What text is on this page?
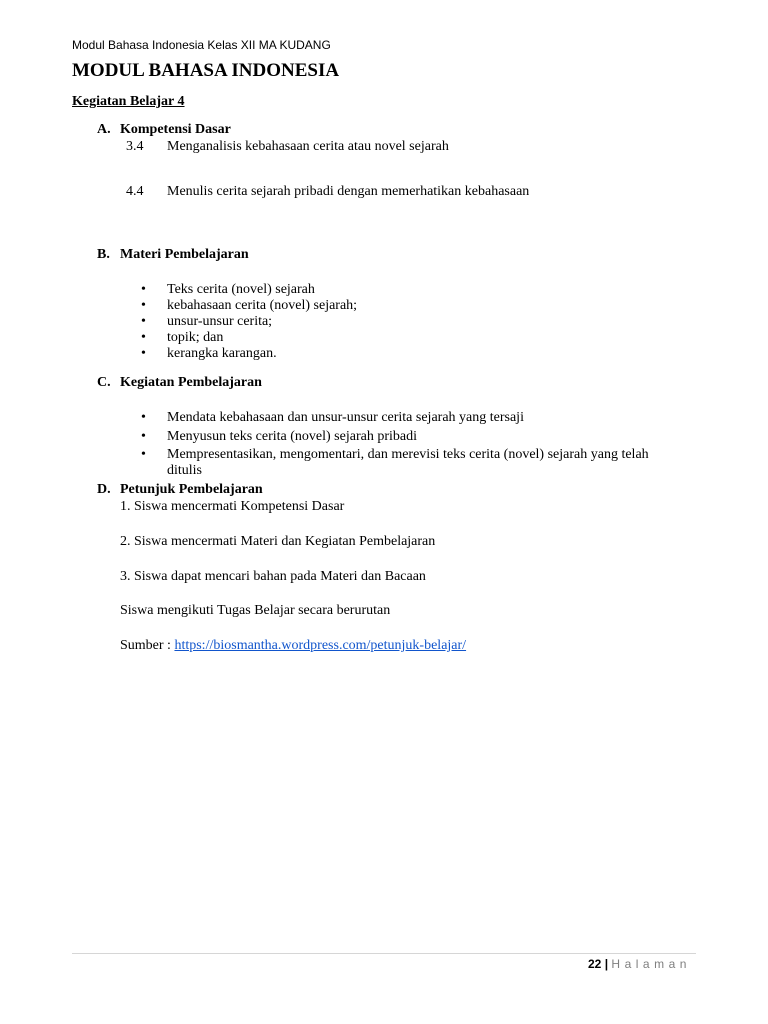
Modul Bahasa Indonesia Kelas XII MA KUDANG
MODUL BAHASA INDONESIA
Kegiatan Belajar 4
A. Kompetensi Dasar
3.4 Menganalisis kebahasaan cerita atau novel sejarah
4.4 Menulis cerita sejarah pribadi dengan memerhatikan kebahasaan
B. Materi Pembelajaran
• Teks cerita (novel) sejarah
• kebahasaan cerita (novel) sejarah;
• unsur-unsur cerita;
• topik; dan
• kerangka karangan.
C. Kegiatan Pembelajaran
• Mendata kebahasaan dan unsur-unsur cerita sejarah yang tersaji
• Menyusun teks cerita (novel) sejarah pribadi
• Mempresentasikan, mengomentari, dan merevisi teks cerita (novel) sejarah yang telah
ditulis
D. Petunjuk Pembelajaran
1. Siswa mencermati Kompetensi Dasar
2. Siswa mencermati Materi dan Kegiatan Pembelajaran
3. Siswa dapat mencari bahan pada Materi dan Bacaan
Siswa mengikuti Tugas Belajar secara berurutan
Sumber : https://biosmantha.wordpress.com/petunjuk-belajar/
22 | Halaman
